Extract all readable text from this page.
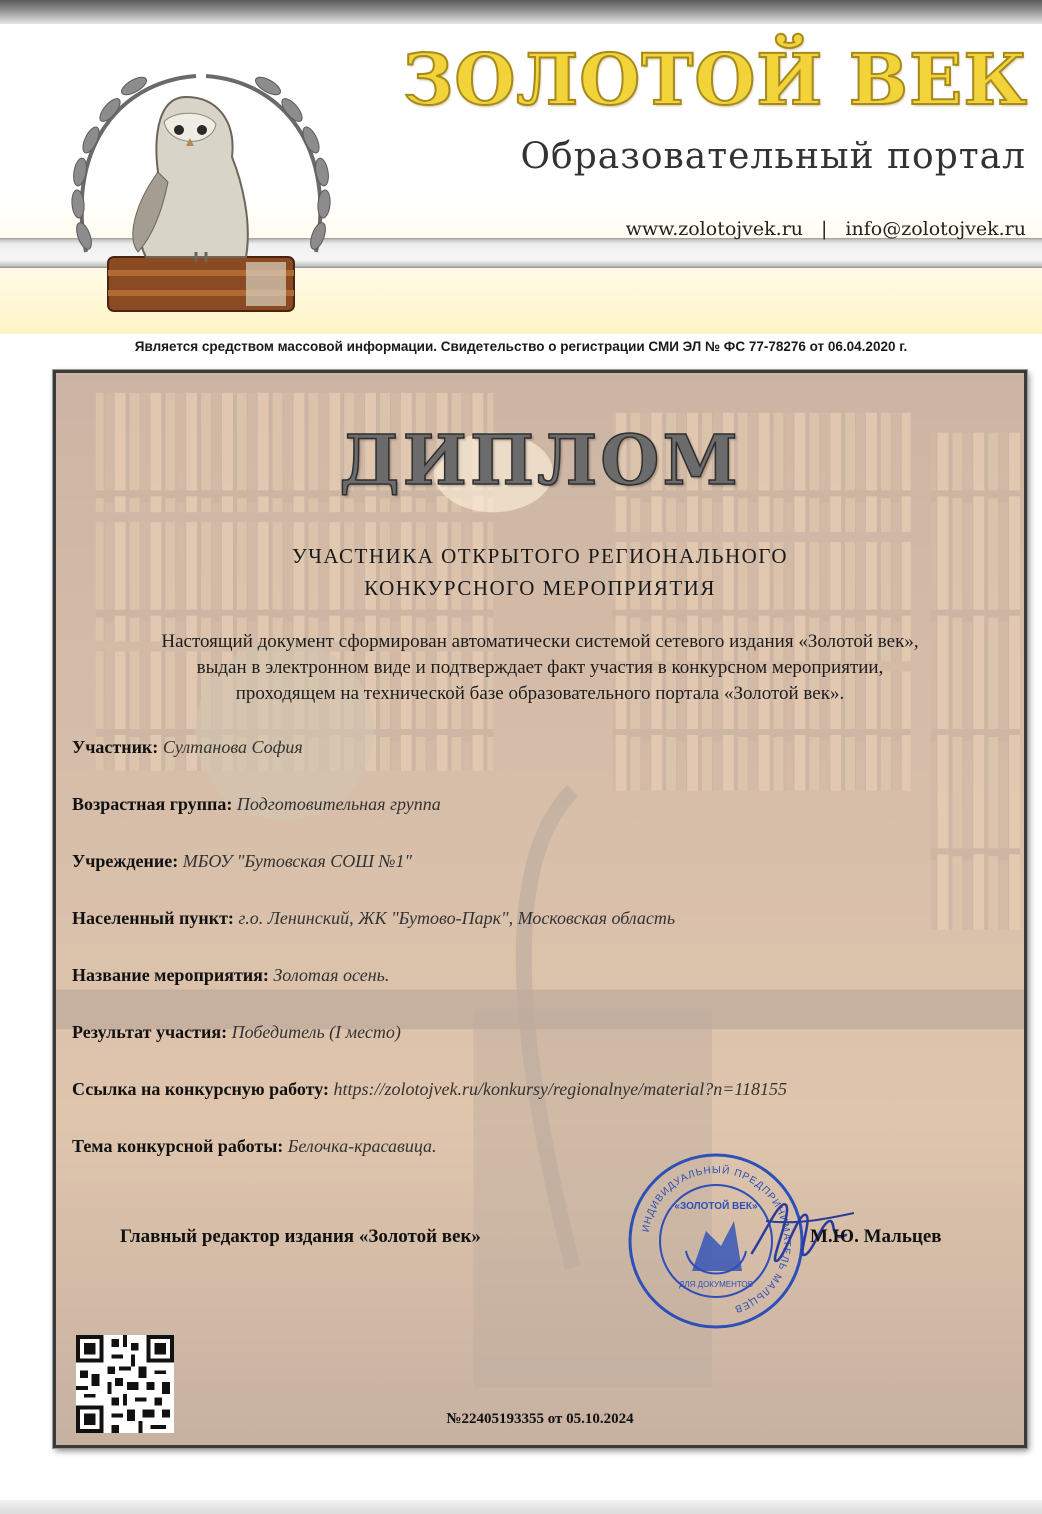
ЗОЛОТОЙ ВЕК
Образовательный портал
www.zolotojvek.ru | info@zolotojvek.ru
Является средством массовой информации. Свидетельство о регистрации СМИ ЭЛ № ФС 77-78276 от 06.04.2020 г.
ДИПЛОМ
УЧАСТНИКА ОТКРЫТОГО РЕГИОНАЛЬНОГО
КОНКУРСНОГО МЕРОПРИЯТИЯ
Настоящий документ сформирован автоматически системой сетевого издания «Золотой век»,
выдан в электронном виде и подтверждает факт участия в конкурсном мероприятии,
проходящем на технической базе образовательного портала «Золотой век».
Участник: Султанова София
Возрастная группа: Подготовительная группа
Учреждение: МБОУ "Бутовская СОШ №1"
Населенный пункт: г.о. Ленинский, ЖК "Бутово-Парк", Московская область
Название мероприятия: Золотая осень.
Результат участия: Победитель (I место)
Ссылка на конкурсную работу: https://zolotojvek.ru/konkursy/regionalnye/material?n=118155
Тема конкурсной работы: Белочка-красавица.
ИНДИВИДУАЛЬНЫЙ ПРЕДПРИНИМАТЕЛЬ МАЛЬЦЕВ
«ЗОЛОТОЙ ВЕК»
ДЛЯ ДОКУМЕНТОВ
Главный редактор издания «Золотой век»	М.Ю. Мальцев
№22405193355 от 05.10.2024
